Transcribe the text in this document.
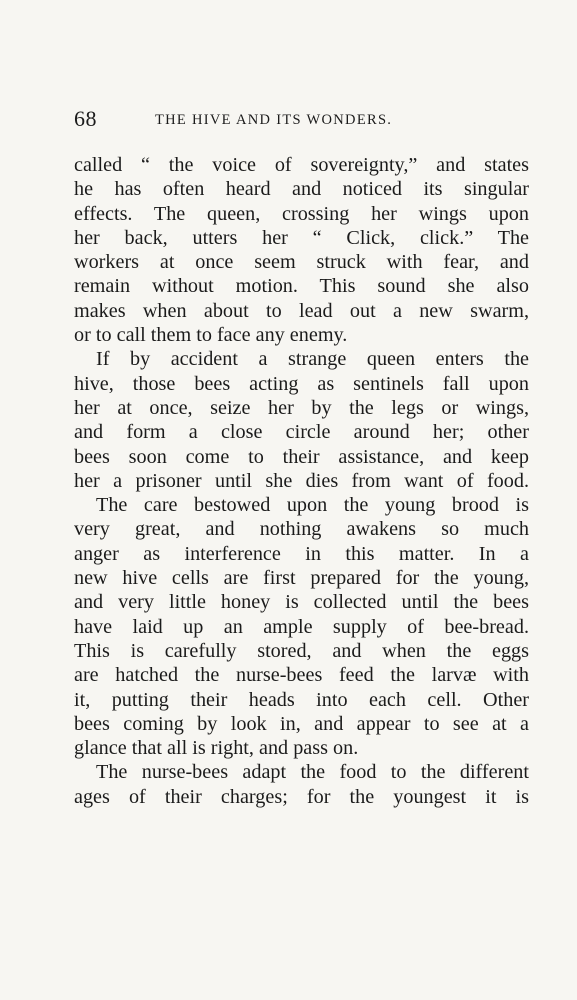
68	THE HIVE AND ITS WONDERS.

called “ the voice of sovereignty,” and states
he has often heard and noticed its singular
effects. The queen, crossing her wings upon
her back, utters her “ Click, click.” The
workers at once seem struck with fear, and
remain without motion. This sound she also
makes when about to lead out a new swarm,
or to call them to face any enemy.

If by accident a strange queen enters the
hive, those bees acting as sentinels fall upon
her at once, seize her by the legs or wings,
and form a close circle around her; other
bees soon come to their assistance, and keep
her a prisoner until she dies from want of food.

The care bestowed upon the young brood is
very great, and nothing awakens so much
anger as interference in this matter. In a
new hive cells are first prepared for the young,
and very little honey is collected until the bees
have laid up an ample supply of bee-bread.
This is carefully stored, and when the eggs
are hatched the nurse-bees feed the larvæ with
it, putting their heads into each cell. Other
bees coming by look in, and appear to see at a
glance that all is right, and pass on.

The nurse-bees adapt the food to the different
ages of their charges; for the youngest it is
